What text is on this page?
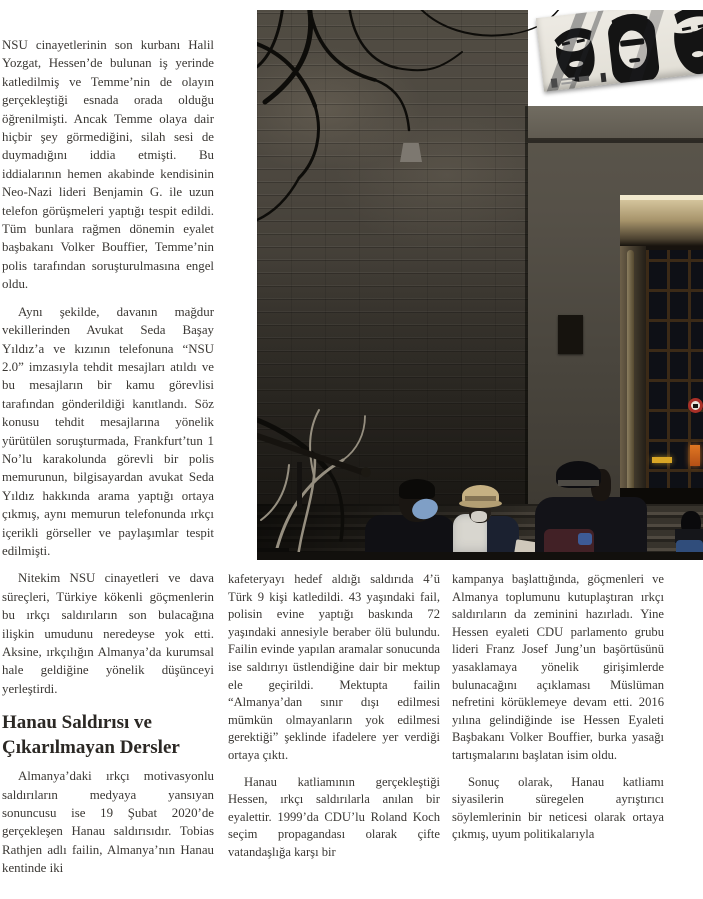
NSU cinayetlerinin son kurbanı Halil Yozgat, Hessen’de bulunan iş yerinde katledilmiş ve Temme’nin de olayın gerçekleştiği esnada orada olduğu öğrenilmişti. Ancak Temme olaya dair hiçbir şey görmediğini, silah sesi de duymadığını iddia etmişti. Bu iddialarının hemen akabinde kendisinin Neo-Nazi lideri Benjamin G. ile uzun telefon görüşmeleri yaptığı tespit edildi. Tüm bunlara rağmen dönemin eyalet başbakanı Volker Bouffier, Temme’nin polis tarafından soruşturulmasına engel oldu.

Aynı şekilde, davanın mağdur vekillerinden Avukat Seda Başay Yıldız’a ve kızının telefonuna “NSU 2.0” imzasıyla tehdit mesajları atıldı ve bu mesajların bir kamu görevlisi tarafından gönderildiği kanıtlandı. Söz konusu tehdit mesajlarına yönelik yürütülen soruşturmada, Frankfurt’tun 1 No’lu karakolunda görevli bir polis memurunun, bilgisayardan avukat Seda Yıldız hakkında arama yaptığı ortaya çıkmış, aynı memurun telefonunda ırkçı içerikli görseller ve paylaşımlar tespit edilmişti.

Nitekim NSU cinayetleri ve dava süreçleri, Türkiye kökenli göçmenlerin bu ırkçı saldırıların son bulacağına ilişkin umudunu neredeyse yok etti. Aksine, ırkçılığın Almanya’da kurumsal hale geldiğine yönelik düşünceyi yerleştirdi.

Hanau Saldırısı ve Çıkarılmayan Dersler

Almanya’daki ırkçı motivasyonlu saldırıların medyaya yansıyan sonuncusu ise 19 Şubat 2020’de gerçekleşen Hanau saldırısıdır. Tobias Rathjen adlı failin, Almanya’nın Hanau kentinde iki

kafeteryayı hedef aldığı saldırıda 4’ü Türk 9 kişi katledildi. 43 yaşındaki fail, polisin evine yaptığı baskında 72 yaşındaki annesiyle beraber ölü bulundu. Failin evinde yapılan aramalar sonucunda ise saldırıyı üstlendiğine dair bir mektup ele geçirildi. Mektupta failin “Almanya’dan sınır dışı edilmesi mümkün olmayanların yok edilmesi gerektiği” şeklinde ifadelere yer verdiği ortaya çıktı.

Hanau katliamının gerçekleştiği Hessen, ırkçı saldırılarla anılan bir eyalettir. 1999’da CDU’lu Roland Koch seçim propagandası olarak çifte vatandaşlığa karşı bir

kampanya başlattığında, göçmenleri ve Almanya toplumunu kutuplaştıran ırkçı saldırıların da zeminini hazırladı. Yine Hessen eyaleti CDU parlamento grubu lideri Franz Josef Jung’un başörtüsünü yasaklamaya yönelik girişimlerde bulunacağını açıklaması Müslüman nefretini körüklemeye devam etti. 2016 yılına gelindiğinde ise Hessen Eyaleti Başbakanı Volker Bouffier, burka yasağı tartışmalarını başlatan isim oldu.

Sonuç olarak, Hanau katliamı siyasilerin süregelen ayrıştırıcı söylemlerinin bir neticesi olarak ortaya çıkmış, uyum politikalarıyla
